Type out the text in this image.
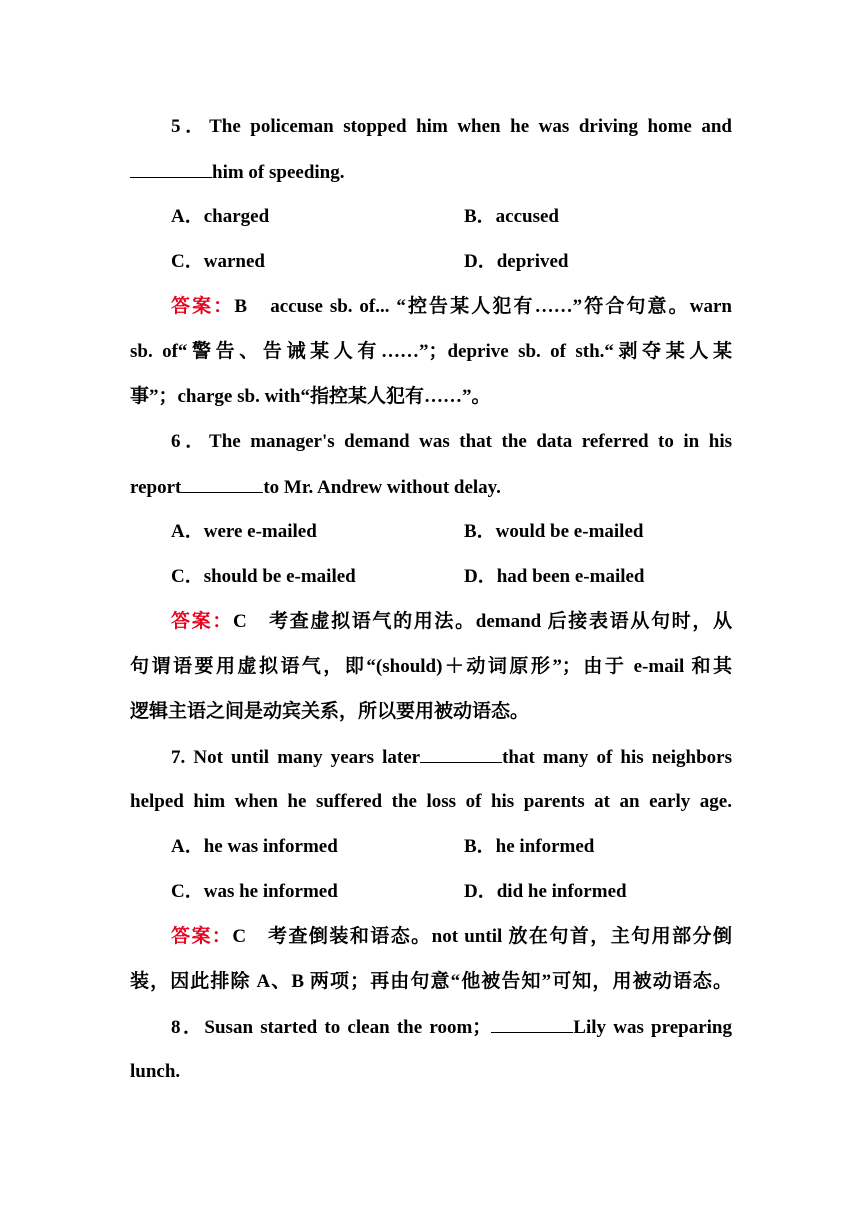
5．The policeman stopped him when he was driving home and
him of speeding.
A．charged	B．accused
C．warned	D．deprived
答案：B　accuse sb. of... “控告某人犯有……”符合句意。warn
sb. of“警告、告诫某人有……”；deprive sb. of sth.“剥夺某人某
事”；charge sb. with“指控某人犯有……”。
6．The manager's demand was that the data referred to in his
report	to Mr. Andrew without delay.
A．were e-mailed	B．would be e-mailed
C．should be e-mailed	D．had been e-mailed
答案：C　考查虚拟语气的用法。demand 后接表语从句时，从
句谓语要用虚拟语气，即“(should)＋动词原形”；由于 e-mail 和其
逻辑主语之间是动宾关系，所以要用被动语态。
7. Not until many years later	that many of his neighbors
helped him when he suffered the loss of his parents at an early age.
A．he was informed	B．he informed
C．was he informed	D．did he informed
答案：C　考查倒装和语态。not until 放在句首，主句用部分倒
装，因此排除 A、B 两项；再由句意“他被告知”可知，用被动语态。
8．Susan started to clean the room；	Lily was preparing
lunch.
